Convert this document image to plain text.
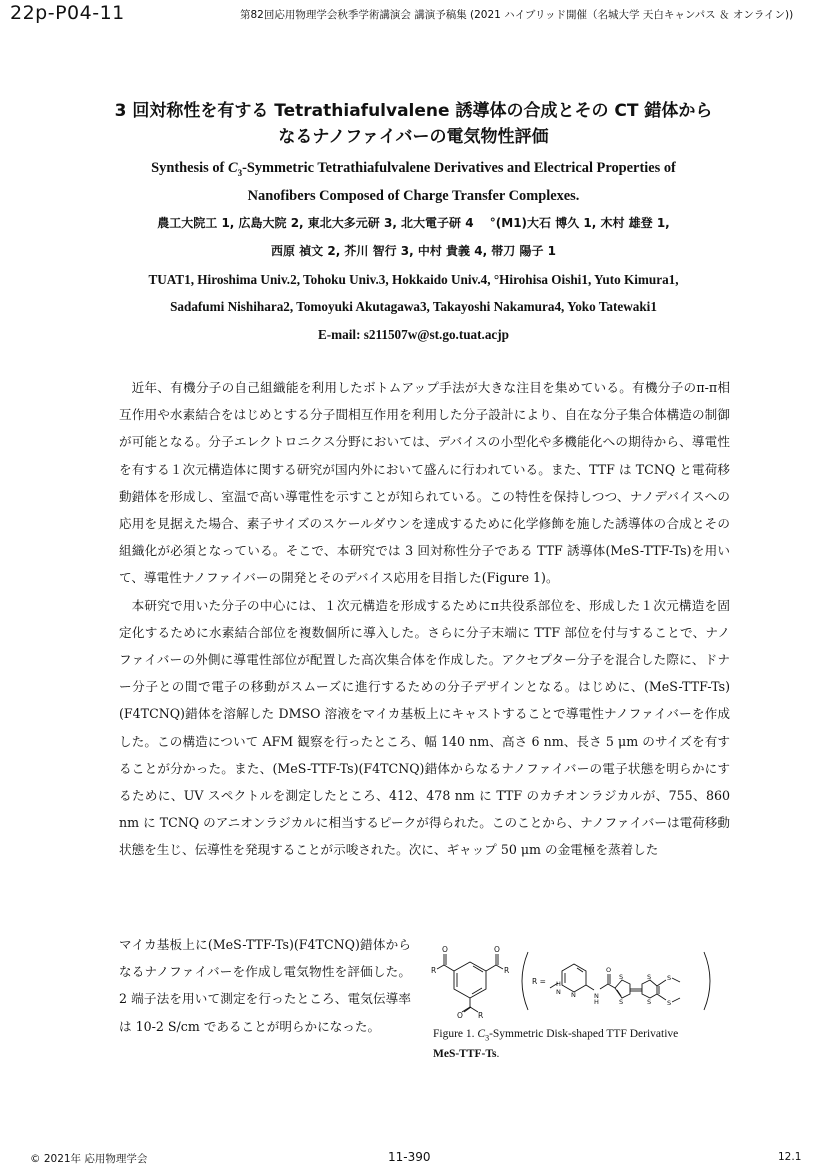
22p-P04-11	第82回応用物理学会秋季学術講演会 講演予稿集 (2021 ハイブリッド開催（名城大学 天白キャンパス ＆ オンライン))
3 回対称性を有する Tetrathiafulvalene 誘導体の合成とその CT 錯体から
なるナノファイバーの電気物性評価
Synthesis of $C_3$-Symmetric Tetrathiafulvalene Derivatives and Electrical Properties of
Nanofibers Composed of Charge Transfer Complexes.
農工大院工 1, 広島大院 2, 東北大多元研 3, 北大電子研 4 　°(M1)大石 博久 1, 木村 雄登 1,
西原 禎文 2, 芥川 智行 3, 中村 貴義 4, 帯刀 陽子 1
TUAT1, Hiroshima Univ.2, Tohoku Univ.3, Hokkaido Univ.4, °Hirohisa Oishi1, Yuto Kimura1,
Sadafumi Nishihara2, Tomoyuki Akutagawa3, Takayoshi Nakamura4, Yoko Tatewaki1
E-mail: s211507w@st.go.tuat.acjp

近年、有機分子の自己組織能を利用したボトムアップ手法が大きな注目を集めている。有機分子のπ-π相互作用や水素結合をはじめとする分子間相互作用を利用した分子設計により、自在な分子集合体構造の制御が可能となる。分子エレクトロニクス分野においては、デバイスの小型化や多機能化への期待から、導電性を有する１次元構造体に関する研究が国内外において盛んに行われている。また、TTF は TCNQ と電荷移動錯体を形成し、室温で高い導電性を示すことが知られている。この特性を保持しつつ、ナノデバイスへの応用を見据えた場合、素子サイズのスケールダウンを達成するために化学修飾を施した誘導体の合成とその組織化が必須となっている。そこで、本研究では 3 回対称性分子である TTF 誘導体(MeS-TTF-Ts)を用いて、導電性ナノファイバーの開発とそのデバイス応用を目指した(Figure 1)。

本研究で用いた分子の中心には、１次元構造を形成するためにπ共役系部位を、形成した１次元構造を固定化するために水素結合部位を複数個所に導入した。さらに分子末端に TTF 部位を付与することで、ナノファイバーの外側に導電性部位が配置した高次集合体を作成した。アクセプター分子を混合した際に、ドナー分子との間で電子の移動がスムーズに進行するための分子デザインとなる。はじめに、(MeS-TTF-Ts)(F4TCNQ)錯体を溶解した DMSO 溶液をマイカ基板上にキャストすることで導電性ナノファイバーを作成した。この構造について AFM 観察を行ったところ、幅 140 nm、高さ 6 nm、長さ 5 μm のサイズを有することが分かった。また、(MeS-TTF-Ts)(F4TCNQ)錯体からなるナノファイバーの電子状態を明らかにするために、UV スペクトルを測定したところ、412、478 nm に TTF のカチオンラジカルが、755、860 nm に TCNQ のアニオンラジカルに相当するピークが得られた。このことから、ナノファイバーは電荷移動状態を生じ、伝導性を発現することが示唆された。次に、ギャップ 50 μm の金電極を蒸着した

マイカ基板上に(MeS-TTF-Ts)(F4TCNQ)錯体からなるナノファイバーを作成し電気物性を評価した。2 端子法を用いて測定を行ったところ、電気伝導率は 10-2 S/cm であることが明らかになった。
O	O
O
R	R
R
R = H
N N	N
H
O
S
S
S
S
S
S
Figure 1. $C_3$-Symmetric Disk-shaped TTF Derivative
MeS-TTF-Ts.
© 2021年 応用物理学会	11-390	12.1
